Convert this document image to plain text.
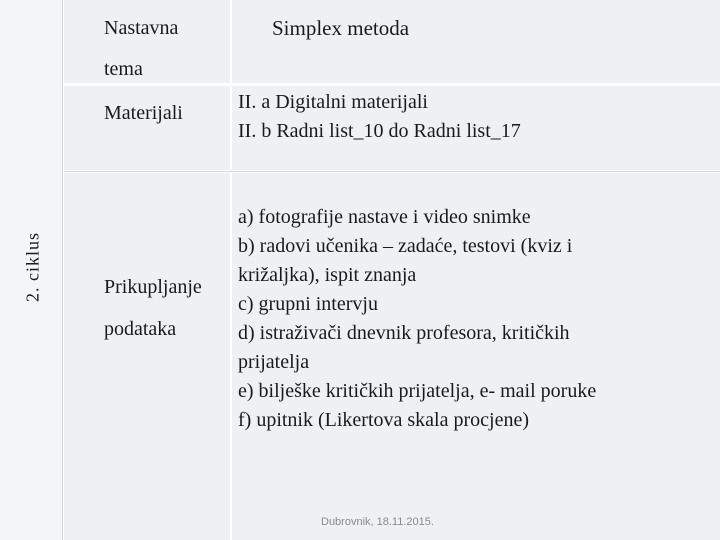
2. ciklus
Nastavna
tema
Simplex metoda
Materijali	II. a Digitalni materijali
II. b Radni list_10 do Radni list_17
Prikupljanje
podataka
a) fotografije nastave i video snimke
b) radovi učenika – zadaće, testovi (kviz i
križaljka), ispit znanja
c) grupni intervju
d) istraživači dnevnik profesora, kritičkih
prijatelja
e) bilješke kritičkih prijatelja, e- mail poruke
f) upitnik (Likertova skala procjene)
Dubrovnik, 18.11.2015.
